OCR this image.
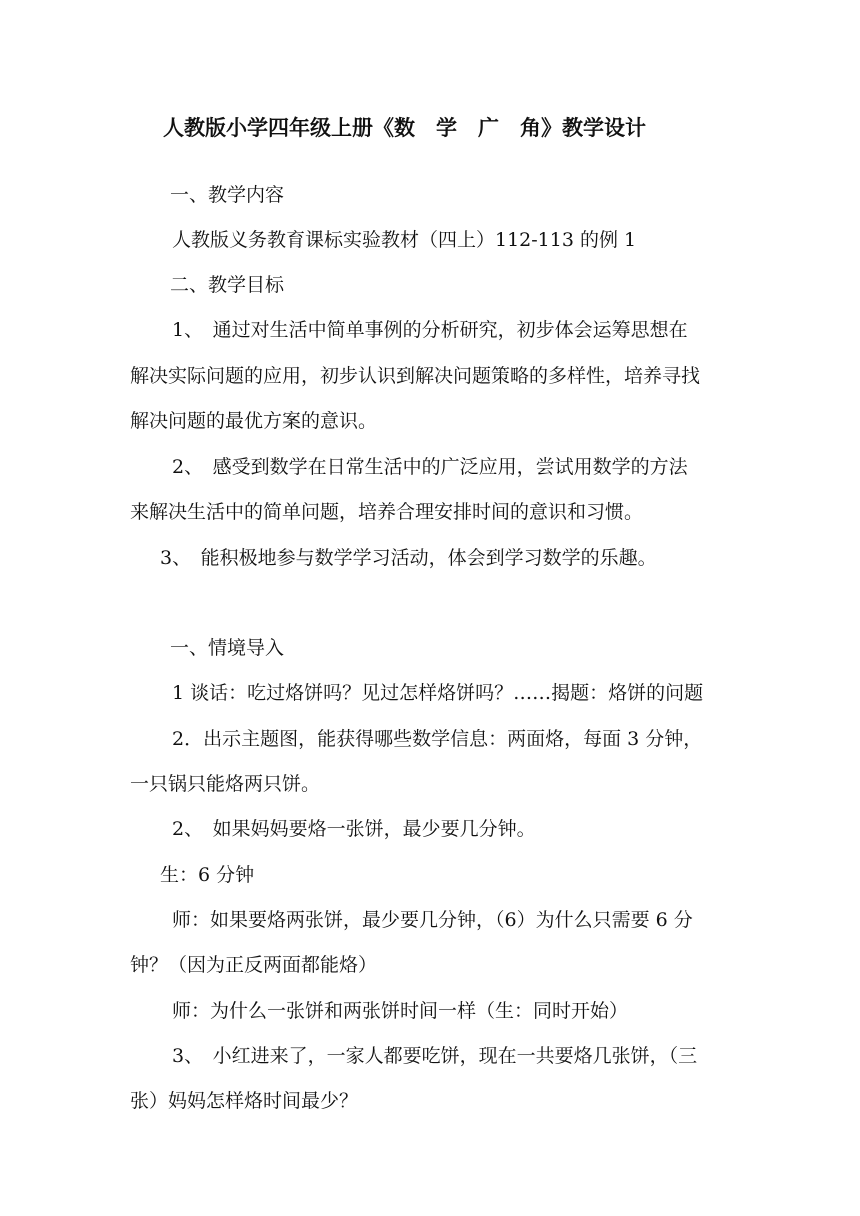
人教版小学四年级上册《数　学　广　角》教学设计
一、教学内容
人教版义务教育课标实验教材（四上）112-113 的例 1
二、教学目标
1、　通过对生活中简单事例的分析研究，初步体会运筹思想在
解决实际问题的应用，初步认识到解决问题策略的多样性，培养寻找
解决问题的最优方案的意识。
2、　感受到数学在日常生活中的广泛应用，尝试用数学的方法
来解决生活中的简单问题，培养合理安排时间的意识和习惯。
3、　能积极地参与数学学习活动，体会到学习数学的乐趣。
一、情境导入
1 谈话：吃过烙饼吗？见过怎样烙饼吗？……揭题：烙饼的问题
2．出示主题图，能获得哪些数学信息：两面烙，每面 3 分钟，
一只锅只能烙两只饼。
2、　如果妈妈要烙一张饼，最少要几分钟。
生：6 分钟
师：如果要烙两张饼，最少要几分钟，（6）为什么只需要 6 分
钟？（因为正反两面都能烙）
师：为什么一张饼和两张饼时间一样（生：同时开始）
3、　小红进来了，一家人都要吃饼，现在一共要烙几张饼，（三
张）妈妈怎样烙时间最少？
